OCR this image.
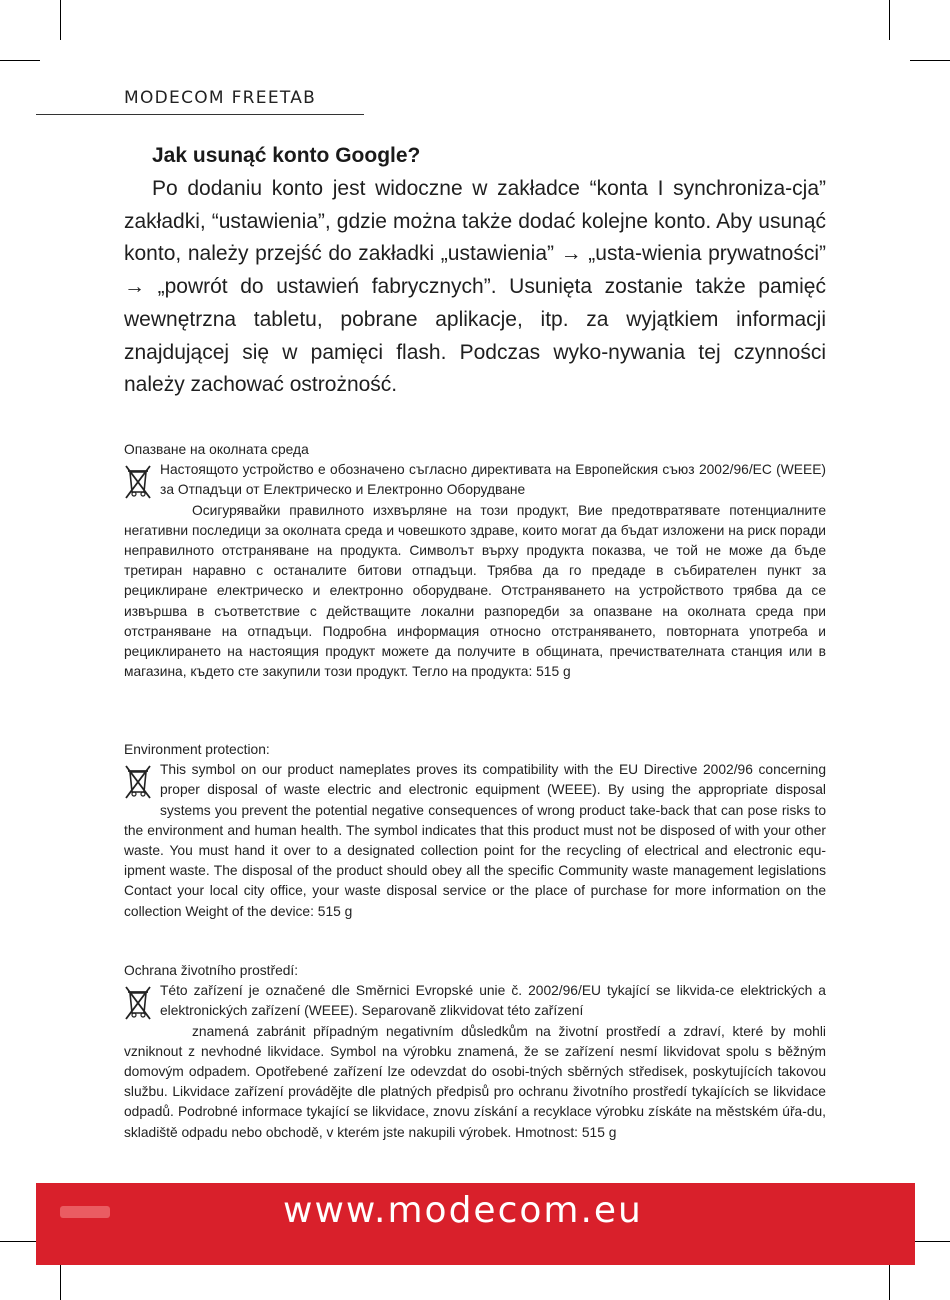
MODECOM FREETAB
Jak usunąć konto Google?
Po dodaniu konto jest widoczne w zakładce “konta I synchroniza-cja” zakładki, “ustawienia”, gdzie można także dodać kolejne konto. Aby usunąć konto, należy przejść do zakładki „ustawienia” → „usta-wienia prywatności” → „powrót do ustawień fabrycznych”. Usunięta zostanie także pamięć wewnętrzna tabletu, pobrane aplikacje, itp. za wyjątkiem informacji znajdującej się w pamięci flash. Podczas wyko-nywania tej czynności należy zachować ostrożność.
Опазване на околната среда
Настоящото устройство е обозначено съгласно директивата на Европейския съюз 2002/96/ЕС (WEEE) за Отпадъци от Електрическо и Електронно Оборудване
Осигурявайки правилното изхвърляне на този продукт, Вие предотвратявате потенциалните негативни последици за околната среда и човешкото здраве, които могат да бъдат изложени на риск поради неправилното отстраняване на продукта. Символът върху продукта показва, че той не може да бъде третиран наравно с останалите битови отпадъци. Трябва да го предаде в събирателен пункт за рециклиране електрическо и електронно оборудване. Отстраняването на устройството трябва да се извършва в съответствие с действащите локални разпоредби за опазване на околната среда при отстраняване на отпадъци. Подробна информация относно отстраняването, повторната употреба и рециклирането на настоящия продукт можете да получите в общината, пречиствателната станция или в магазина, където сте закупили този продукт. Тегло на продукта: 515 g
Environment protection:
This symbol on our product nameplates proves its compatibility with the EU Directive 2002/96 concerning proper disposal of waste electric and electronic equipment (WEEE). By using the appropriate disposal systems you prevent the potential negative consequences of wrong product take-back that can pose risks to the environment and human health. The symbol indicates that this product must not be disposed of with your other waste. You must hand it over to a designated collection point for the recycling of electrical and electronic equ-ipment waste. The disposal of the product should obey all the specific Community waste management legislations Contact your local city office, your waste disposal service or the place of purchase for more information on the collection Weight of the device: 515 g
Ochrana životního prostředí:
Této zařízení je označené dle Směrnici Evropské unie č. 2002/96/EU tykající se likvida-ce elektrických a elektronických zařízení (WEEE). Separovaně zlikvidovat této zařízení
znamená zabránit případným negativním důsledkům na životní prostředí a zdraví, které by mohli vzniknout z nevhodné likvidace. Symbol na výrobku znamená, že se zařízení nesmí likvidovat spolu s běžným domovým odpadem. Opotřebené zařízení lze odevzdat do osobi-tných sběrných středisek, poskytujících takovou službu. Likvidace zařízení provádějte dle platných předpisů pro ochranu životního prostředí tykajících se likvidace odpadů. Podrobné informace tykající se likvidace, znovu získání a recyklace výrobku získáte na městském úřa-du, skladiště odpadu nebo obchodě, v kterém jste nakupili výrobek. Hmotnost: 515 g
www.modecom.eu
